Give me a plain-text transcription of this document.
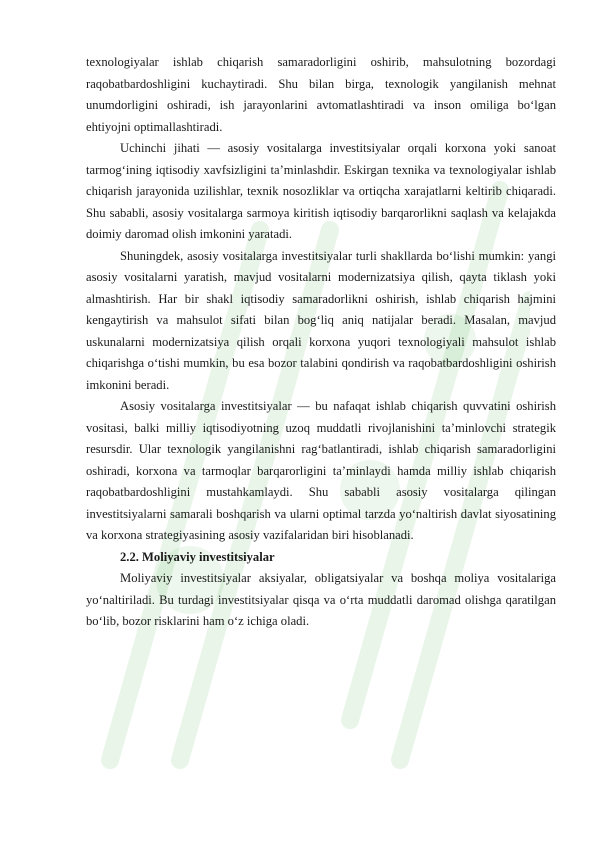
texnologiyalar ishlab chiqarish samaradorligini oshirib, mahsulotning bozordagi raqobatbardoshligini kuchaytiradi. Shu bilan birga, texnologik yangilanish mehnat unumdorligini oshiradi, ish jarayonlarini avtomatlashtiradi va inson omiliga bo‘lgan ehtiyojni optimallashtiradi.

Uchinchi jihati — asosiy vositalarga investitsiyalar orqali korxona yoki sanoat tarmog‘ining iqtisodiy xavfsizligini ta’minlashdir. Eskirgan texnika va texnologiyalar ishlab chiqarish jarayonida uzilishlar, texnik nosozliklar va ortiqcha xarajatlarni keltirib chiqaradi. Shu sababli, asosiy vositalarga sarmoya kiritish iqtisodiy barqarorlikni saqlash va kelajakda doimiy daromad olish imkonini yaratadi.

Shuningdek, asosiy vositalarga investitsiyalar turli shakllarda bo‘lishi mumkin: yangi asosiy vositalarni yaratish, mavjud vositalarni modernizatsiya qilish, qayta tiklash yoki almashtirish. Har bir shakl iqtisodiy samaradorlikni oshirish, ishlab chiqarish hajmini kengaytirish va mahsulot sifati bilan bog‘liq aniq natijalar beradi. Masalan, mavjud uskunalarni modernizatsiya qilish orqali korxona yuqori texnologiyali mahsulot ishlab chiqarishga o‘tishi mumkin, bu esa bozor talabini qondirish va raqobatbardoshligini oshirish imkonini beradi.

Asosiy vositalarga investitsiyalar — bu nafaqat ishlab chiqarish quvvatini oshirish vositasi, balki milliy iqtisodiyotning uzoq muddatli rivojlanishini ta’minlovchi strategik resursdir. Ular texnologik yangilanishni rag‘batlantiradi, ishlab chiqarish samaradorligini oshiradi, korxona va tarmoqlar barqarorligini ta’minlaydi hamda milliy ishlab chiqarish raqobatbardoshligini mustahkamlaydi. Shu sababli asosiy vositalarga qilingan investitsiyalarni samarali boshqarish va ularni optimal tarzda yo‘naltirish davlat siyosatining va korxona strategiyasining asosiy vazifalaridan biri hisoblanadi.

2.2. Moliyaviy investitsiyalar

Moliyaviy investitsiyalar aksiyalar, obligatsiyalar va boshqa moliya vositalariga yo‘naltiriladi. Bu turdagi investitsiyalar qisqa va o‘rta muddatli daromad olishga qaratilgan bo‘lib, bozor risklarini ham o‘z ichiga oladi.
